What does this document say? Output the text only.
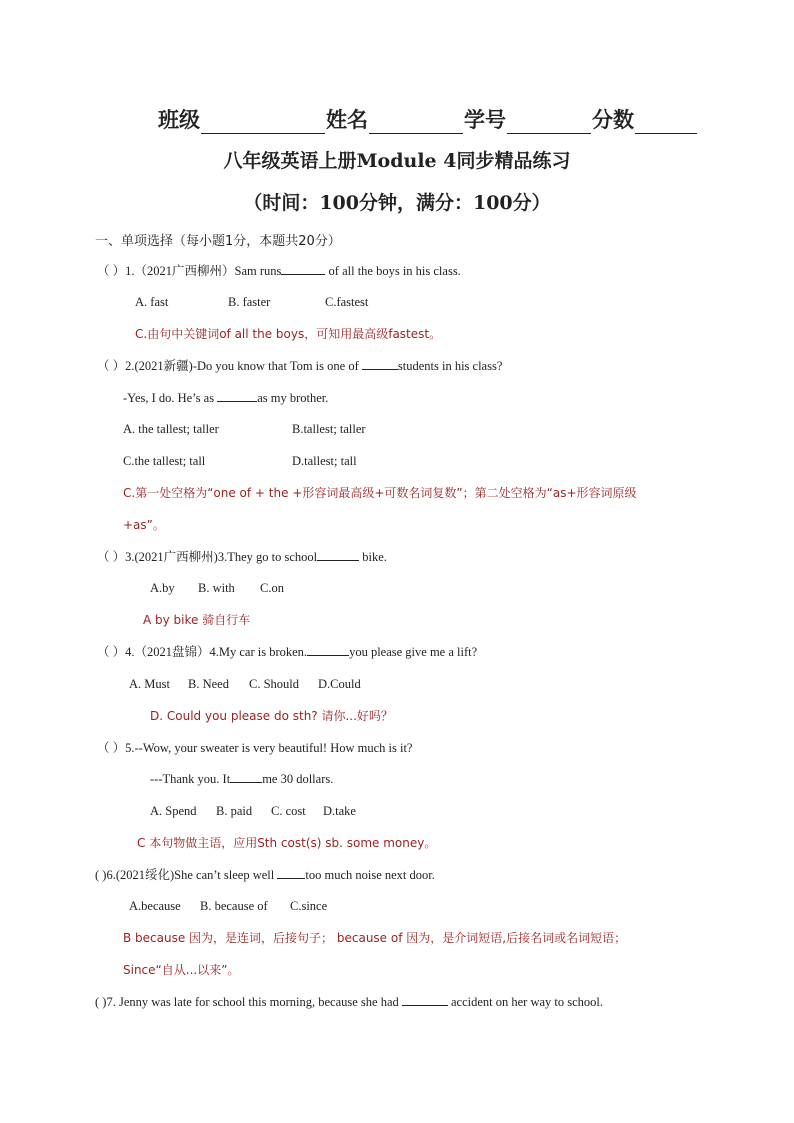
班级	姓名	学号	分数
八年级英语上册Module 4同步精品练习
（时间：100分钟，满分：100分）
一、单项选择（每小题1分，本题共20分）
（ ）1.（2021广西柳州）Sam runs	of all the boys in his class.
A. fast	B. faster	C.fastest
C.由句中关键词of all the boys，可知用最高级fastest。
（ ）2.(2021新疆)-Do you know that Tom is one of	students in his class?
-Yes, I do. He’s as	as my brother.
A. the tallest; taller	B.tallest; taller
C.the tallest; tall	D.tallest; tall
C.第一处空格为“one of + the +形容词最高级+可数名词复数”；第二处空格为“as+形容词原级
+as”。
（ ）3.(2021广西柳州)3.They go to school	bike.
A.by B. with C.on
A by bike 骑自行车
（ ）4.（2021盘锦）4.My car is broken.	you please give me a lift?
A. Must B. Need C. Should D.Could
D. Could you please do sth? 请你...好吗？
（ ）5.--Wow, your sweater is very beautiful! How much is it?
---Thank you. It	me 30 dollars.
A. Spend B. paid C. cost D.take
C 本句物做主语，应用Sth cost(s) sb. some money。
( )6.(2021绥化)She can’t sleep well too much noise next door.
A.because B. because of C.since
B because 因为，是连词，后接句子； because of 因为，是介词短语,后接名词或名词短语；
Since“自从...以来”。
( )7. Jenny was late for school this morning, because she had	accident on her way to school.
